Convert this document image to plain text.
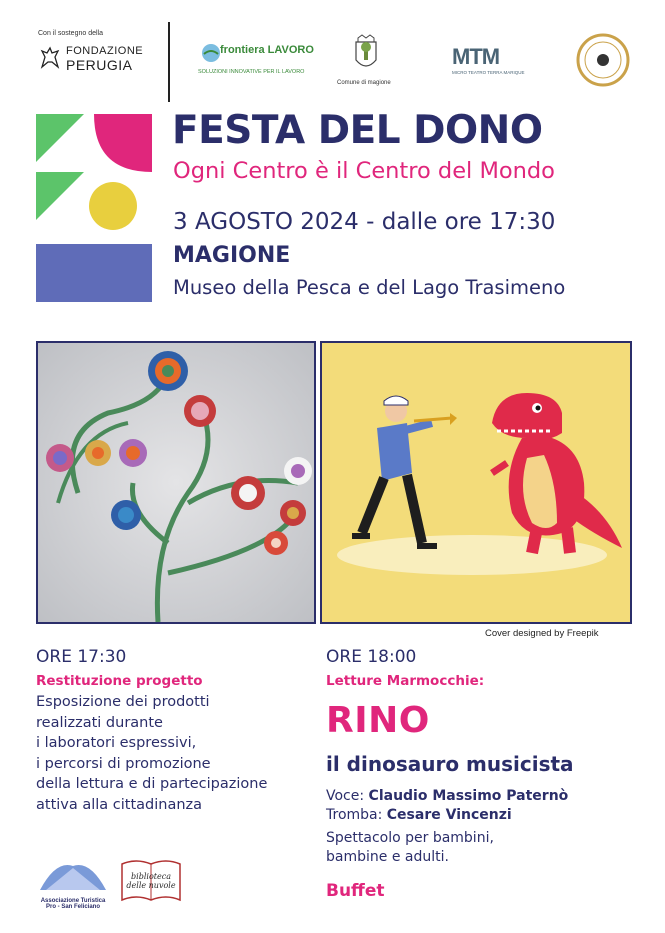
Con il sostegno della
FONDAZIONE
PERUGIA
frontiera LAVORO
SOLUZIONI INNOVATIVE PER IL LAVORO
Comune di magione
MTM
MICRO TEATRO TERRA MARIQUE
FESTA DEL DONO
Ogni Centro è il Centro del Mondo
3 AGOSTO 2024 - dalle ore 17:30
MAGIONE
Museo della Pesca e del Lago Trasimeno
Cover designed by Freepik
ORE 17:30
Restituzione progetto
Esposizione dei prodotti
realizzati durante
i laboratori espressivi,
i percorsi di promozione
della lettura e di partecipazione
attiva alla cittadinanza
ORE 18:00
Letture Marmocchie:
RINO
il dinosauro musicista
Voce: Claudio Massimo Paternò
Tromba: Cesare Vincenzi
Spettacolo per bambini,
bambine e adulti.
Buffet
Associazione Turistica
Pro - San Feliciano
biblioteca delle nuvole
